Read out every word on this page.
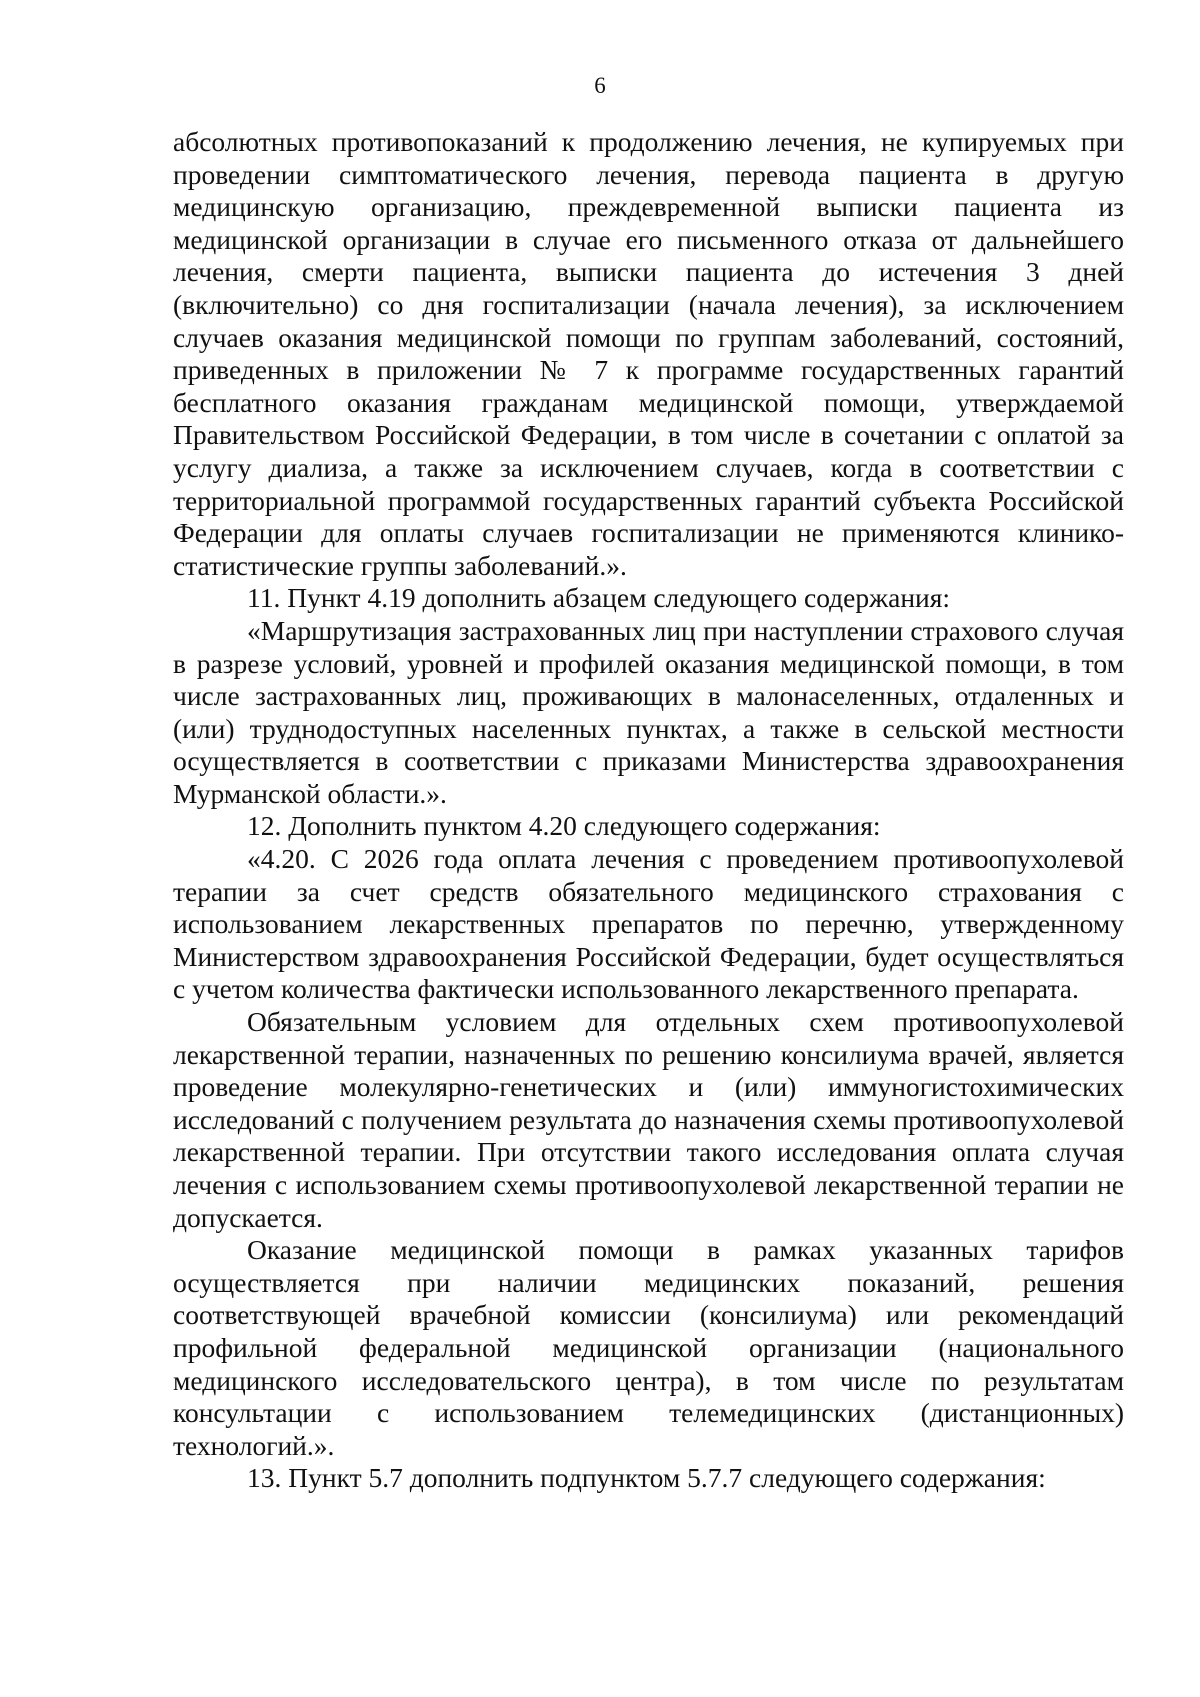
6

абсолютных противопоказаний к продолжению лечения, не купируемых при проведении симптоматического лечения, перевода пациента в другую медицинскую организацию, преждевременной выписки пациента из медицинской организации в случае его письменного отказа от дальнейшего лечения, смерти пациента, выписки пациента до истечения 3 дней (включительно) со дня госпитализации (начала лечения), за исключением случаев оказания медицинской помощи по группам заболеваний, состояний, приведенных в приложении № 7 к программе государственных гарантий бесплатного оказания гражданам медицинской помощи, утверждаемой Правительством Российской Федерации, в том числе в сочетании с оплатой за услугу диализа, а также за исключением случаев, когда в соответствии с территориальной программой государственных гарантий субъекта Российской Федерации для оплаты случаев госпитализации не применяются клинико-статистические группы заболеваний.».

11. Пункт 4.19 дополнить абзацем следующего содержания:

«Маршрутизация застрахованных лиц при наступлении страхового случая в разрезе условий, уровней и профилей оказания медицинской помощи, в том числе застрахованных лиц, проживающих в малонаселенных, отдаленных и (или) труднодоступных населенных пунктах, а также в сельской местности осуществляется в соответствии с приказами Министерства здравоохранения Мурманской области.».

12. Дополнить пунктом 4.20 следующего содержания:

«4.20. С 2026 года оплата лечения с проведением противоопухолевой терапии за счет средств обязательного медицинского страхования с использованием лекарственных препаратов по перечню, утвержденному Министерством здравоохранения Российской Федерации, будет осуществляться с учетом количества фактически использованного лекарственного препарата.

Обязательным условием для отдельных схем противоопухолевой лекарственной терапии, назначенных по решению консилиума врачей, является проведение молекулярно-генетических и (или) иммуногистохимических исследований с получением результата до назначения схемы противоопухолевой лекарственной терапии. При отсутствии такого исследования оплата случая лечения с использованием схемы противоопухолевой лекарственной терапии не допускается.

Оказание медицинской помощи в рамках указанных тарифов осуществляется при наличии медицинских показаний, решения соответствующей врачебной комиссии (консилиума) или рекомендаций профильной федеральной медицинской организации (национального медицинского исследовательского центра), в том числе по результатам консультации с использованием телемедицинских (дистанционных) технологий.».

13. Пункт 5.7 дополнить подпунктом 5.7.7 следующего содержания:
